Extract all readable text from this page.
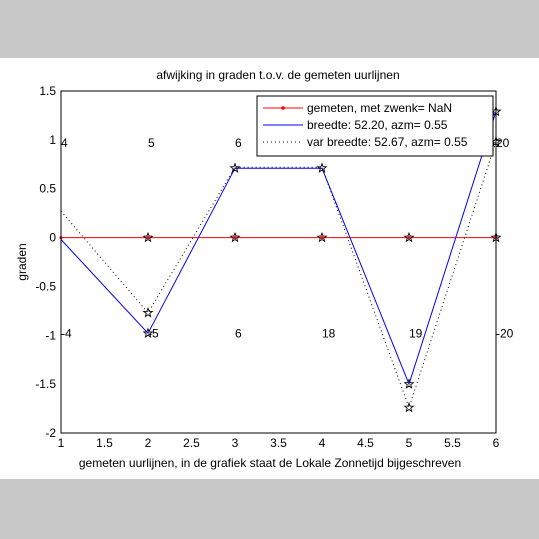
afwijking in graden t.o.v. de gemeten uurlijnen
1	1.5	2	2.5	3	3.5	4	4.5	5	5.5	6
-2
-1.5
-1
-0.5
0
0.5
1
1.5
4	5	6	20
-4	-5	6	18	19	-20
gemeten, met zwenk= NaN
breedte: 52.20, azm= 0.55
var breedte: 52.67, azm= 0.55
gemeten uurlijnen, in de grafiek staat de Lokale Zonnetijd bijgeschreven
graden
